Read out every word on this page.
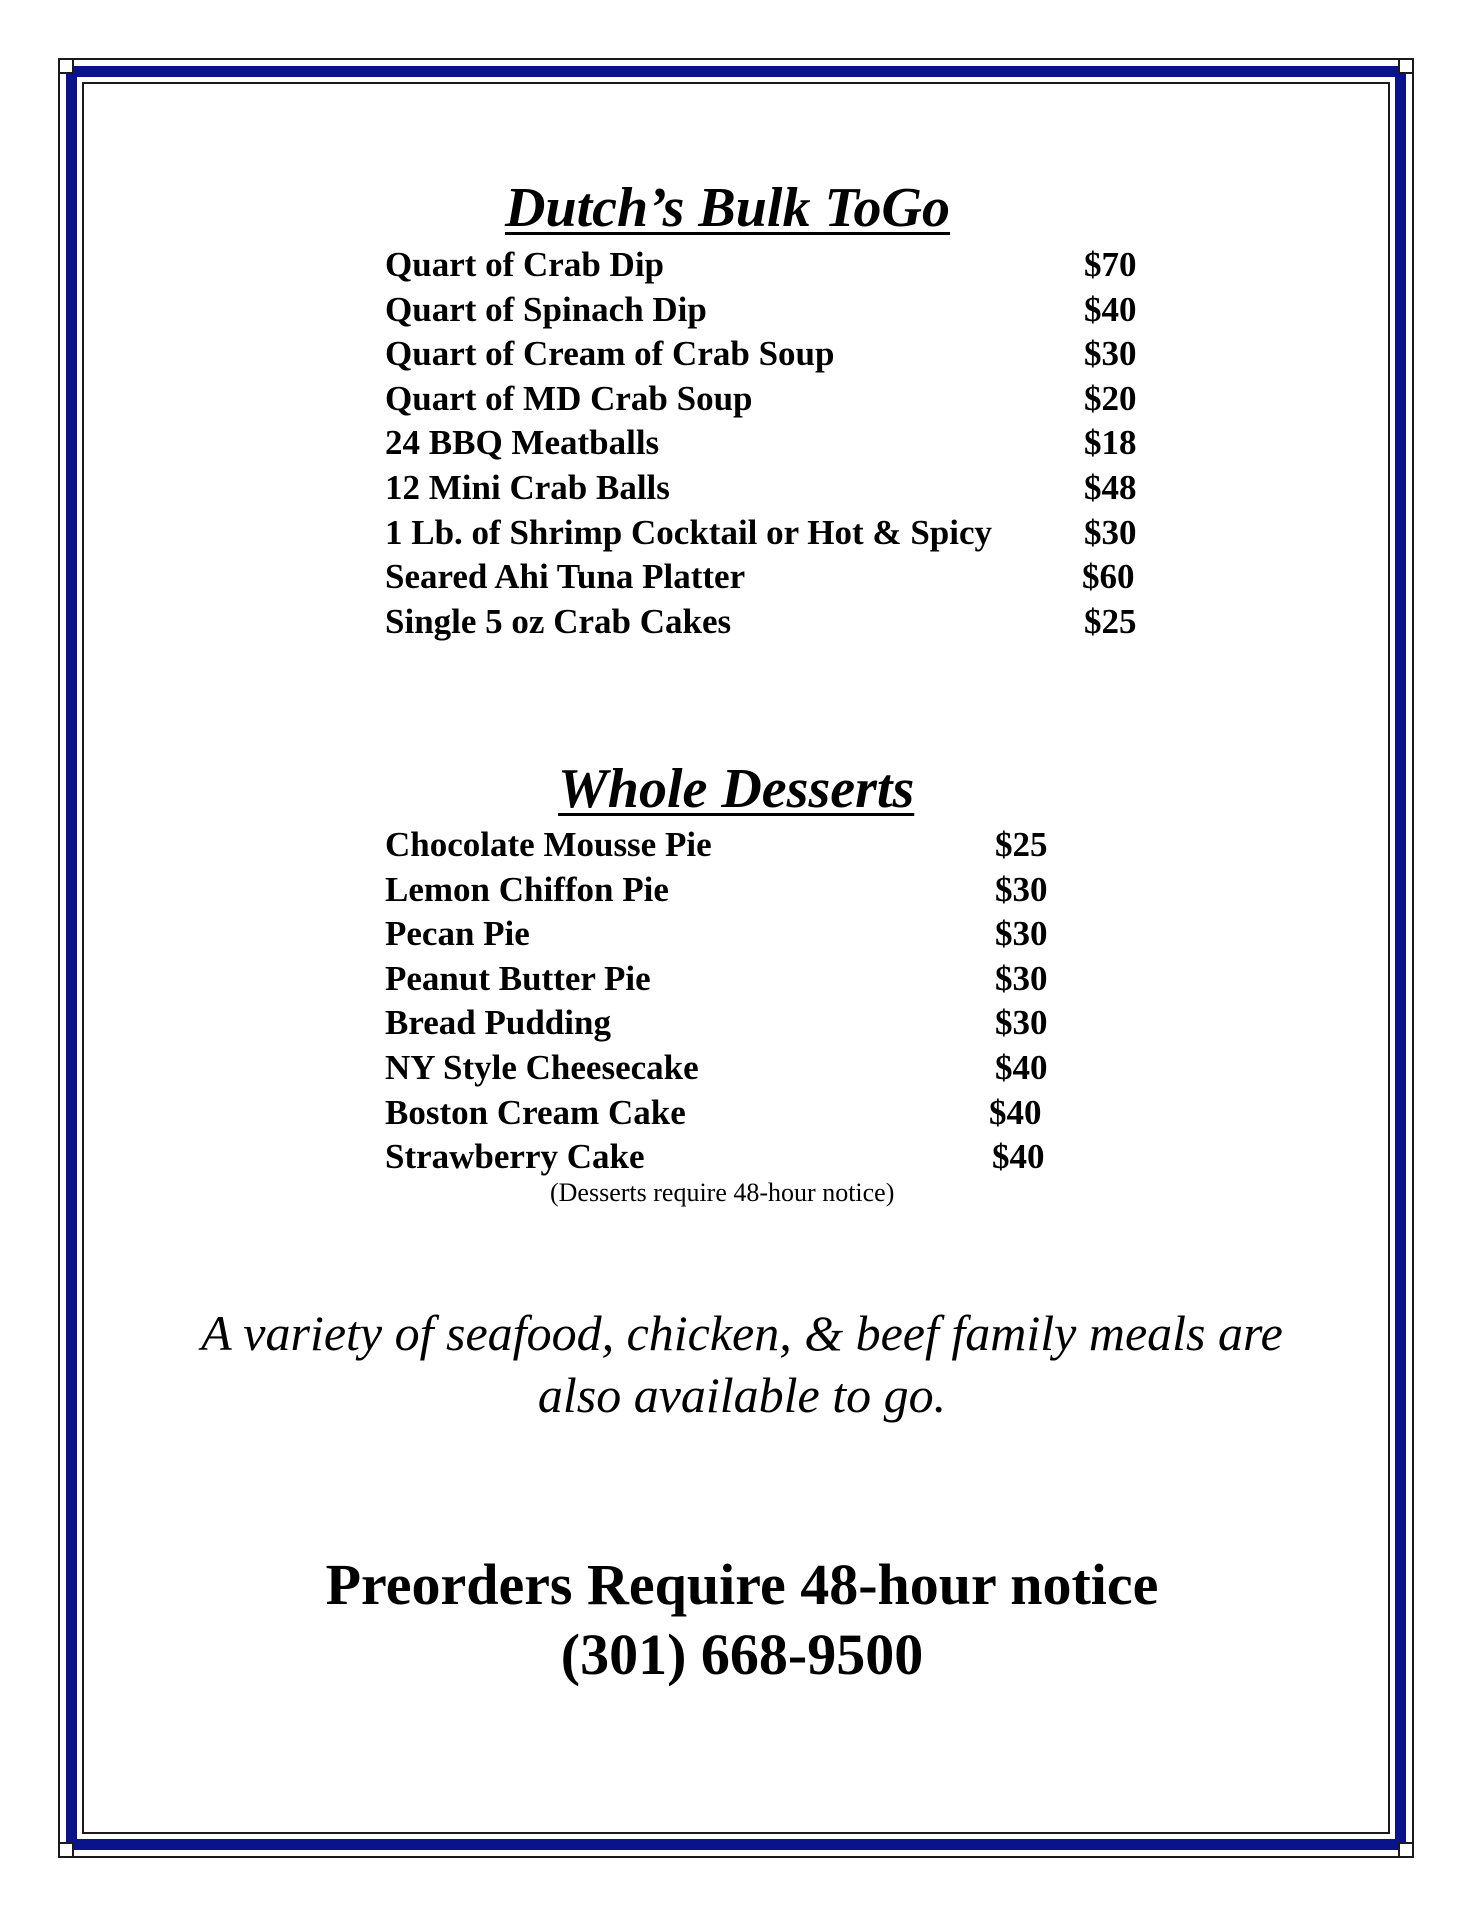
Dutch’s Bulk ToGo
Quart of Crab Dip	$70
Quart of Spinach Dip	$40
Quart of Cream of Crab Soup	$30
Quart of MD Crab Soup	$20
24 BBQ Meatballs	$18
12 Mini Crab Balls	$48
1 Lb. of Shrimp Cocktail or Hot & Spicy	$30
Seared Ahi Tuna Platter	$60
Single 5 oz Crab Cakes	$25
Whole Desserts
Chocolate Mousse Pie	$25
Lemon Chiffon Pie	$30
Pecan Pie	$30
Peanut Butter Pie	$30
Bread Pudding	$30
NY Style Cheesecake	$40
Boston Cream Cake	$40
Strawberry Cake	$40
(Desserts require 48-hour notice)
A variety of seafood, chicken, & beef family meals are
also available to go.
Preorders Require 48-hour notice
(301) 668-9500
